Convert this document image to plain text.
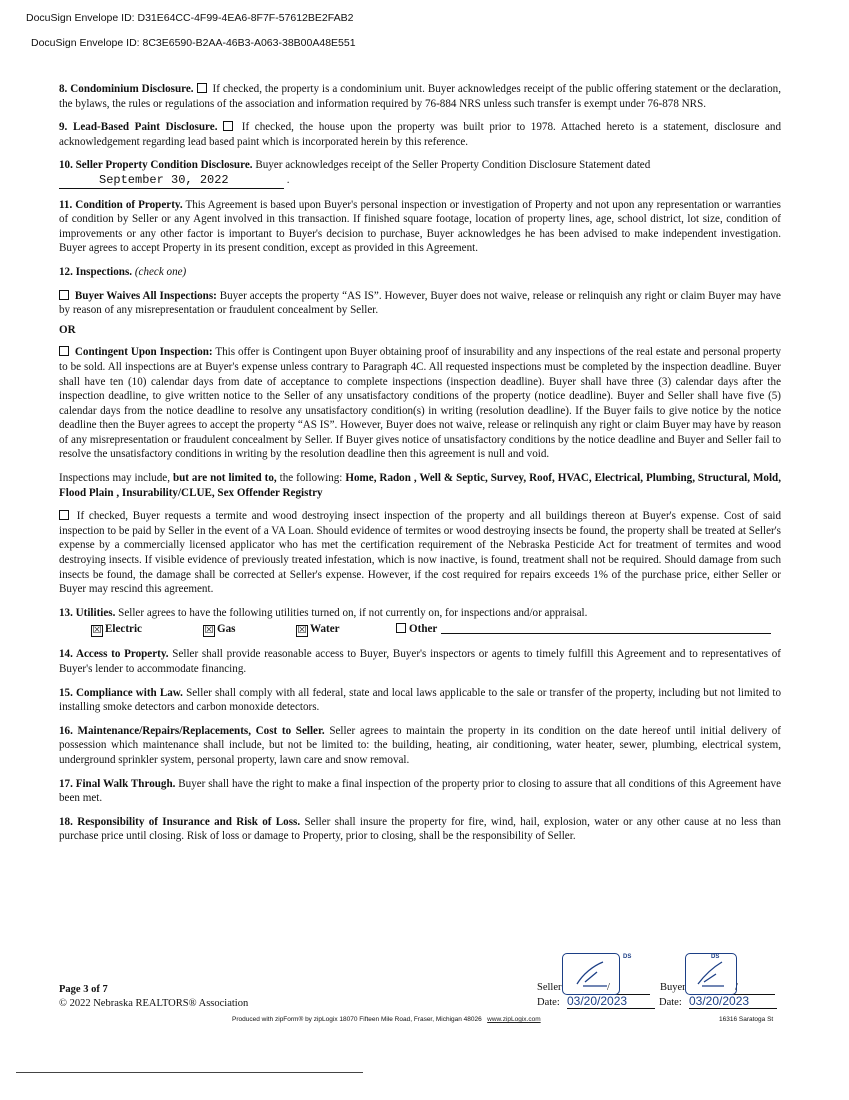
DocuSign Envelope ID: D31E64CC-4F99-4EA6-8F7F-57612BE2FAB2
DocuSign Envelope ID: 8C3E6590-B2AA-46B3-A063-38B00A48E551

8. Condominium Disclosure. If checked, the property is a condominium unit. Buyer acknowledges receipt of the public offering statement or the declaration, the bylaws, the rules or regulations of the association and information required by 76-884 NRS unless such transfer is exempt under 76-878 NRS.

9. Lead-Based Paint Disclosure. If checked, the house upon the property was built prior to 1978. Attached hereto is a statement, disclosure and acknowledgement regarding lead based paint which is incorporated herein by this reference.

10. Seller Property Condition Disclosure. Buyer acknowledges receipt of the Seller Property Condition Disclosure Statement dated
September 30, 2022	.

11. Condition of Property. This Agreement is based upon Buyer's personal inspection or investigation of Property and not upon any representation or warranties of condition by Seller or any Agent involved in this transaction. If finished square footage, location of property lines, age, school district, lot size, condition of improvements or any other factor is important to Buyer's decision to purchase, Buyer acknowledges he has been advised to make independent investigation. Buyer agrees to accept Property in its present condition, except as provided in this Agreement.

12. Inspections. (check one)

Buyer Waives All Inspections: Buyer accepts the property “AS IS”. However, Buyer does not waive, release or relinquish any right or claim Buyer may have by reason of any misrepresentation or fraudulent concealment by Seller.

OR

Contingent Upon Inspection: This offer is Contingent upon Buyer obtaining proof of insurability and any inspections of the real estate and personal property to be sold. All inspections are at Buyer's expense unless contrary to Paragraph 4C. All requested inspections must be completed by the inspection deadline. Buyer shall have ten (10) calendar days from date of acceptance to complete inspections (inspection deadline). Buyer shall have three (3) calendar days after the inspection deadline, to give written notice to the Seller of any unsatisfactory conditions of the property (notice deadline). Buyer and Seller shall have five (5) calendar days from the notice deadline to resolve any unsatisfactory condition(s) in writing (resolution deadline). If the Buyer fails to give notice by the notice deadline then the Buyer agrees to accept the property “AS IS”. However, Buyer does not waive, release or relinquish any right or claim Buyer may have by reason of any misrepresentation or fraudulent concealment by Seller. If Buyer gives notice of unsatisfactory conditions by the notice deadline and Buyer and Seller fail to resolve the unsatisfactory conditions in writing by the resolution deadline then this agreement is null and void.

Inspections may include, but are not limited to, the following: Home, Radon , Well & Septic, Survey, Roof, HVAC, Electrical, Plumbing, Structural, Mold, Flood Plain , Insurability/CLUE, Sex Offender Registry

If checked, Buyer requests a termite and wood destroying insect inspection of the property and all buildings thereon at Buyer's expense. Cost of said inspection to be paid by Seller in the event of a VA Loan. Should evidence of termites or wood destroying insects be found, the property shall be treated at Seller's expense by a commercially licensed applicator who has met the certification requirement of the Nebraska Pesticide Act for treatment of termites and wood destroying insects. If visible evidence of previously treated infestation, which is now inactive, is found, treatment shall not be required. Should damage from such insects be found, the damage shall be corrected at Seller's expense. However, if the cost required for repairs exceeds 1% of the purchase price, either Seller or Buyer may rescind this agreement.

13. Utilities. Seller agrees to have the following utilities turned on, if not currently on, for inspections and/or appraisal.

☒ Electric	☒ Gas	☒ Water	Other

14. Access to Property. Seller shall provide reasonable access to Buyer, Buyer's inspectors or agents to timely fulfill this Agreement and to representatives of Buyer's lender to accommodate financing.

15. Compliance with Law. Seller shall comply with all federal, state and local laws applicable to the sale or transfer of the property, including but not limited to installing smoke detectors and carbon monoxide detectors.

16. Maintenance/Repairs/Replacements, Cost to Seller. Seller agrees to maintain the property in its condition on the date hereof until initial delivery of possession which maintenance shall include, but not be limited to: the building, heating, air conditioning, water heater, sewer, plumbing, electrical system, underground sprinkler system, personal property, lawn care and snow removal.

17. Final Walk Through. Buyer shall have the right to make a final inspection of the property prior to closing to assure that all conditions of this Agreement have been met.

18. Responsibility of Insurance and Risk of Loss. Seller shall insure the property for fire, wind, hail, explosion, water or any other cause at no less than purchase price until closing. Risk of loss or damage to Property, prior to closing, shall be the responsibility of Seller.

Page 3 of 7
© 2022 Nebraska REALTORS® Association
Produced with zipForm® by zipLogix 18070 Fifteen Mile Road, Fraser, Michigan 48026 www.zipLogix.com	16316 Saratoga St
Seller	/
DS
Date: 03/20/2023
Buyer	/
DS
Date: 03/20/2023
